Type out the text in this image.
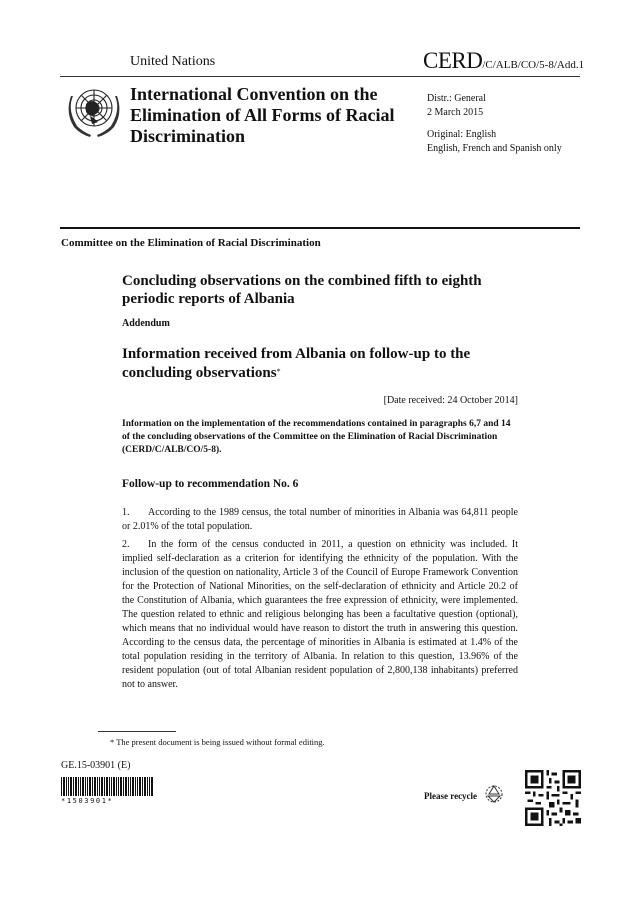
United Nations	CERD/C/ALB/CO/5-8/Add.1
International Convention on the Elimination of All Forms of Racial Discrimination
Distr.: General
2 March 2015
Original: English
English, French and Spanish only
Committee on the Elimination of Racial Discrimination
Concluding observations on the combined fifth to eighth periodic reports of Albania
Addendum
Information received from Albania on follow-up to the concluding observations*
[Date received: 24 October 2014]
Information on the implementation of the recommendations contained in paragraphs 6,7 and 14 of the concluding observations of the Committee on the Elimination of Racial Discrimination (CERD/C/ALB/CO/5-8).
Follow-up to recommendation No. 6
1. According to the 1989 census, the total number of minorities in Albania was 64,811 people or 2.01% of the total population.
2. In the form of the census conducted in 2011, a question on ethnicity was included. It implied self-declaration as a criterion for identifying the ethnicity of the population. With the inclusion of the question on nationality, Article 3 of the Council of Europe Framework Convention for the Protection of National Minorities, on the self-declaration of ethnicity and Article 20.2 of the Constitution of Albania, which guarantees the free expression of ethnicity, were implemented. The question related to ethnic and religious belonging has been a facultative question (optional), which means that no individual would have reason to distort the truth in answering this question. According to the census data, the percentage of minorities in Albania is estimated at 1.4% of the total population residing in the territory of Albania. In relation to this question, 13.96% of the resident population (out of total Albanian resident population of 2,800,138 inhabitants) preferred not to answer.
* The present document is being issued without formal editing.
GE.15-03901 (E)
*1503901*	Please recycle
